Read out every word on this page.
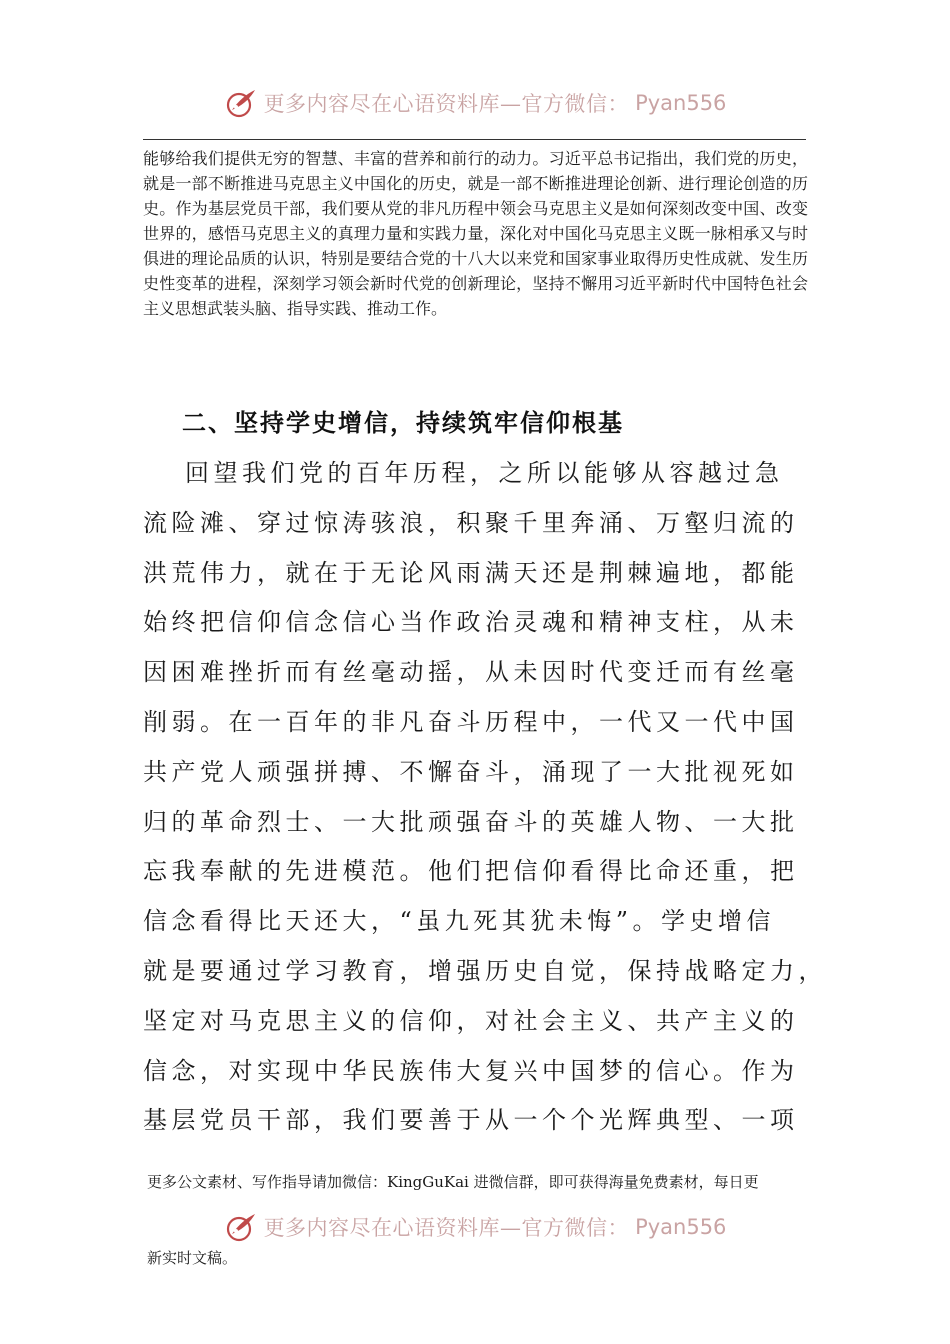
更多内容尽在心语资料库—官方微信： Pyan556
能够给我们提供无穷的智慧、丰富的营养和前行的动力。习近平总书记指出，我们党的历史，就是一部不断推进马克思主义中国化的历史，就是一部不断推进理论创新、进行理论创造的历史。作为基层党员干部，我们要从党的非凡历程中领会马克思主义是如何深刻改变中国、改变世界的，感悟马克思主义的真理力量和实践力量，深化对中国化马克思主义既一脉相承又与时俱进的理论品质的认识，特别是要结合党的十八大以来党和国家事业取得历史性成就、发生历史性变革的进程，深刻学习领会新时代党的创新理论，坚持不懈用习近平新时代中国特色社会主义思想武装头脑、指导实践、推动工作。
二、坚持学史增信，持续筑牢信仰根基
回望我们党的百年历程，之所以能够从容越过急
流险滩、穿过惊涛骇浪，积聚千里奔涌、万壑归流的
洪荒伟力，就在于无论风雨满天还是荆棘遍地，都能
始终把信仰信念信心当作政治灵魂和精神支柱，从未
因困难挫折而有丝毫动摇，从未因时代变迁而有丝毫
削弱。在一百年的非凡奋斗历程中，一代又一代中国
共产党人顽强拼搏、不懈奋斗，涌现了一大批视死如
归的革命烈士、一大批顽强奋斗的英雄人物、一大批
忘我奉献的先进模范。他们把信仰看得比命还重，把
信念看得比天还大，“虽九死其犹未悔”。学史增信
就是要通过学习教育，增强历史自觉，保持战略定力，
坚定对马克思主义的信仰，对社会主义、共产主义的
信念，对实现中华民族伟大复兴中国梦的信心。作为
基层党员干部，我们要善于从一个个光辉典型、一项
更多公文素材、写作指导请加微信：KingGuKai 进微信群，即可获得海量免费素材，每日更
更多内容尽在心语资料库—官方微信： Pyan556
新实时文稿。
